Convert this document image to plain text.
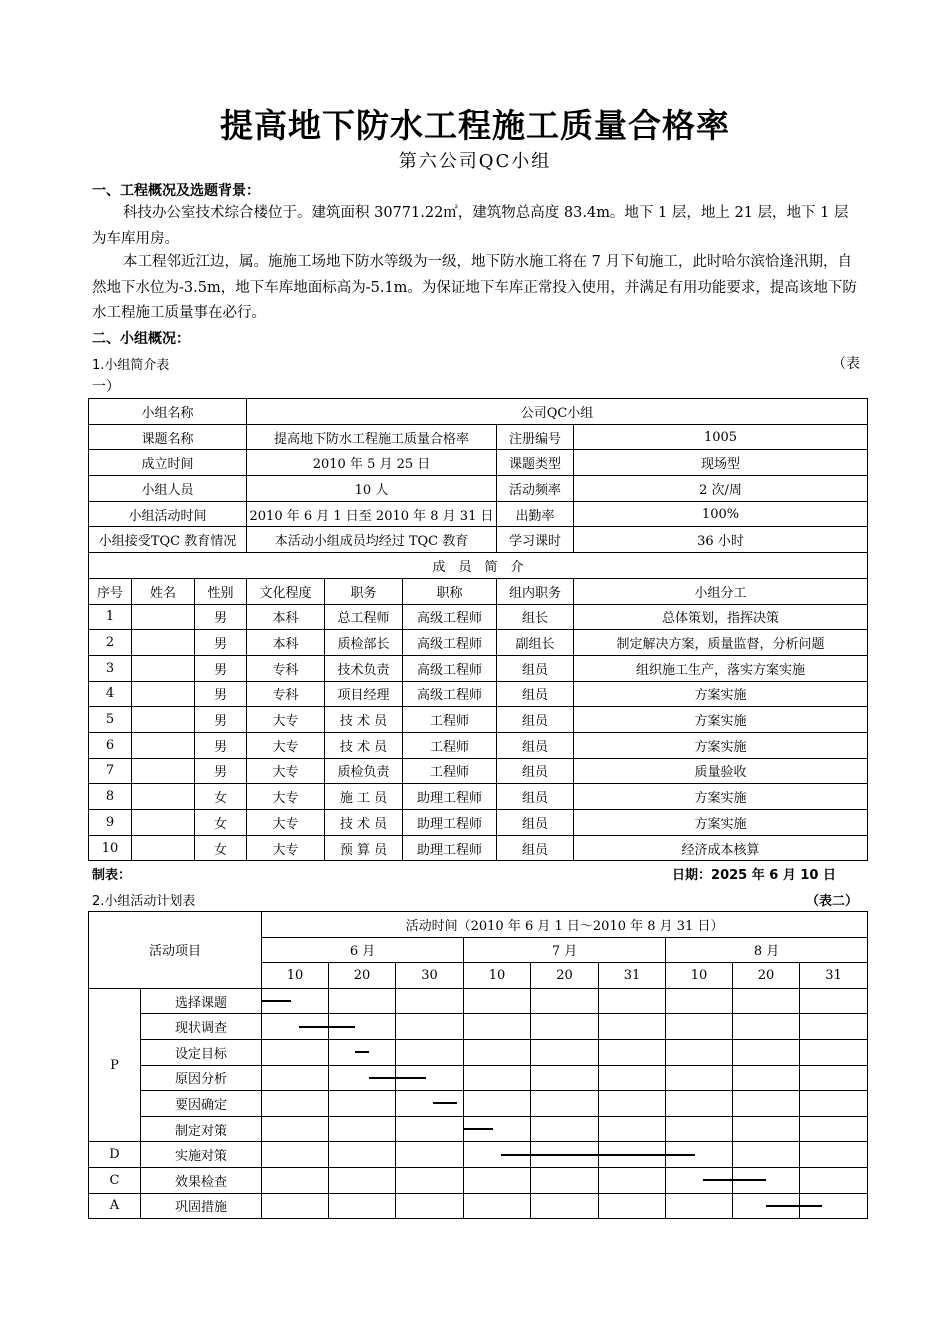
提高地下防水工程施工质量合格率
第六公司QC小组
一、工程概况及选题背景：
科技办公室技术综合楼位于。建筑面积 30771.22㎡，建筑物总高度 83.4m。地下 1 层，地上 21 层，地下 1 层为车库用房。
本工程邻近江边，属。施施工场地下防水等级为一级，地下防水施工将在 7 月下旬施工，此时哈尔滨恰逢汛期，自然地下水位为-3.5m，地下车库地面标高为-5.1m。为保证地下车库正常投入使用，并满足有用功能要求，提高该地下防水工程施工质量事在必行。
二、小组概况：
1.小组简介表	（表
一）
小组名称			公司QC小组				
课题名称			提高地下防水工程施工质量合格率			注册编号	1005
成立时间			2010 年 5 月 25 日			课题类型	现场型
小组人员			10 人			活动频率	2 次/周
小组活动时间			2010 年 6 月 1 日至 2010 年 8 月 31 日			出勤率	100%
小组接受TQC 教育情况			本活动小组成员均经过 TQC 教育			学习课时	36 小时
成　员　简　介							
序号	姓名	性别	文化程度	职务	职称	组内职务	小组分工
1		男	本科	总工程师	高级工程师	组长	总体策划，指挥决策
2		男	本科	质检部长	高级工程师	副组长	制定解决方案，质量监督，分析问题
3		男	专科	技术负责	高级工程师	组员	组织施工生产，落实方案实施
4		男	专科	项目经理	高级工程师	组员	方案实施
5		男	大专	技 术 员	工程师	组员	方案实施
6		男	大专	技 术 员	工程师	组员	方案实施
7		男	大专	质检负责	工程师	组员	质量验收
8		女	大专	施 工 员	助理工程师	组员	方案实施
9		女	大专	技 术 员	助理工程师	组员	方案实施
10		女	大专	预 算 员	助理工程师	组员	经济成本核算
制表：	日期：2025 年 6 月 10 日
2.小组活动计划表	（表二）
活动项目		活动时间（2010 年 6 月 1 日～2010 年 8 月 31 日）								
		6 月			7 月			8 月		
		10	20	30	10	20	31	10	20	31
P	选择课题									
	现状调查									
	设定目标									
	原因分析									
	要因确定									
	制定对策									
D	实施对策									
C	效果检查									
A	巩固措施									
